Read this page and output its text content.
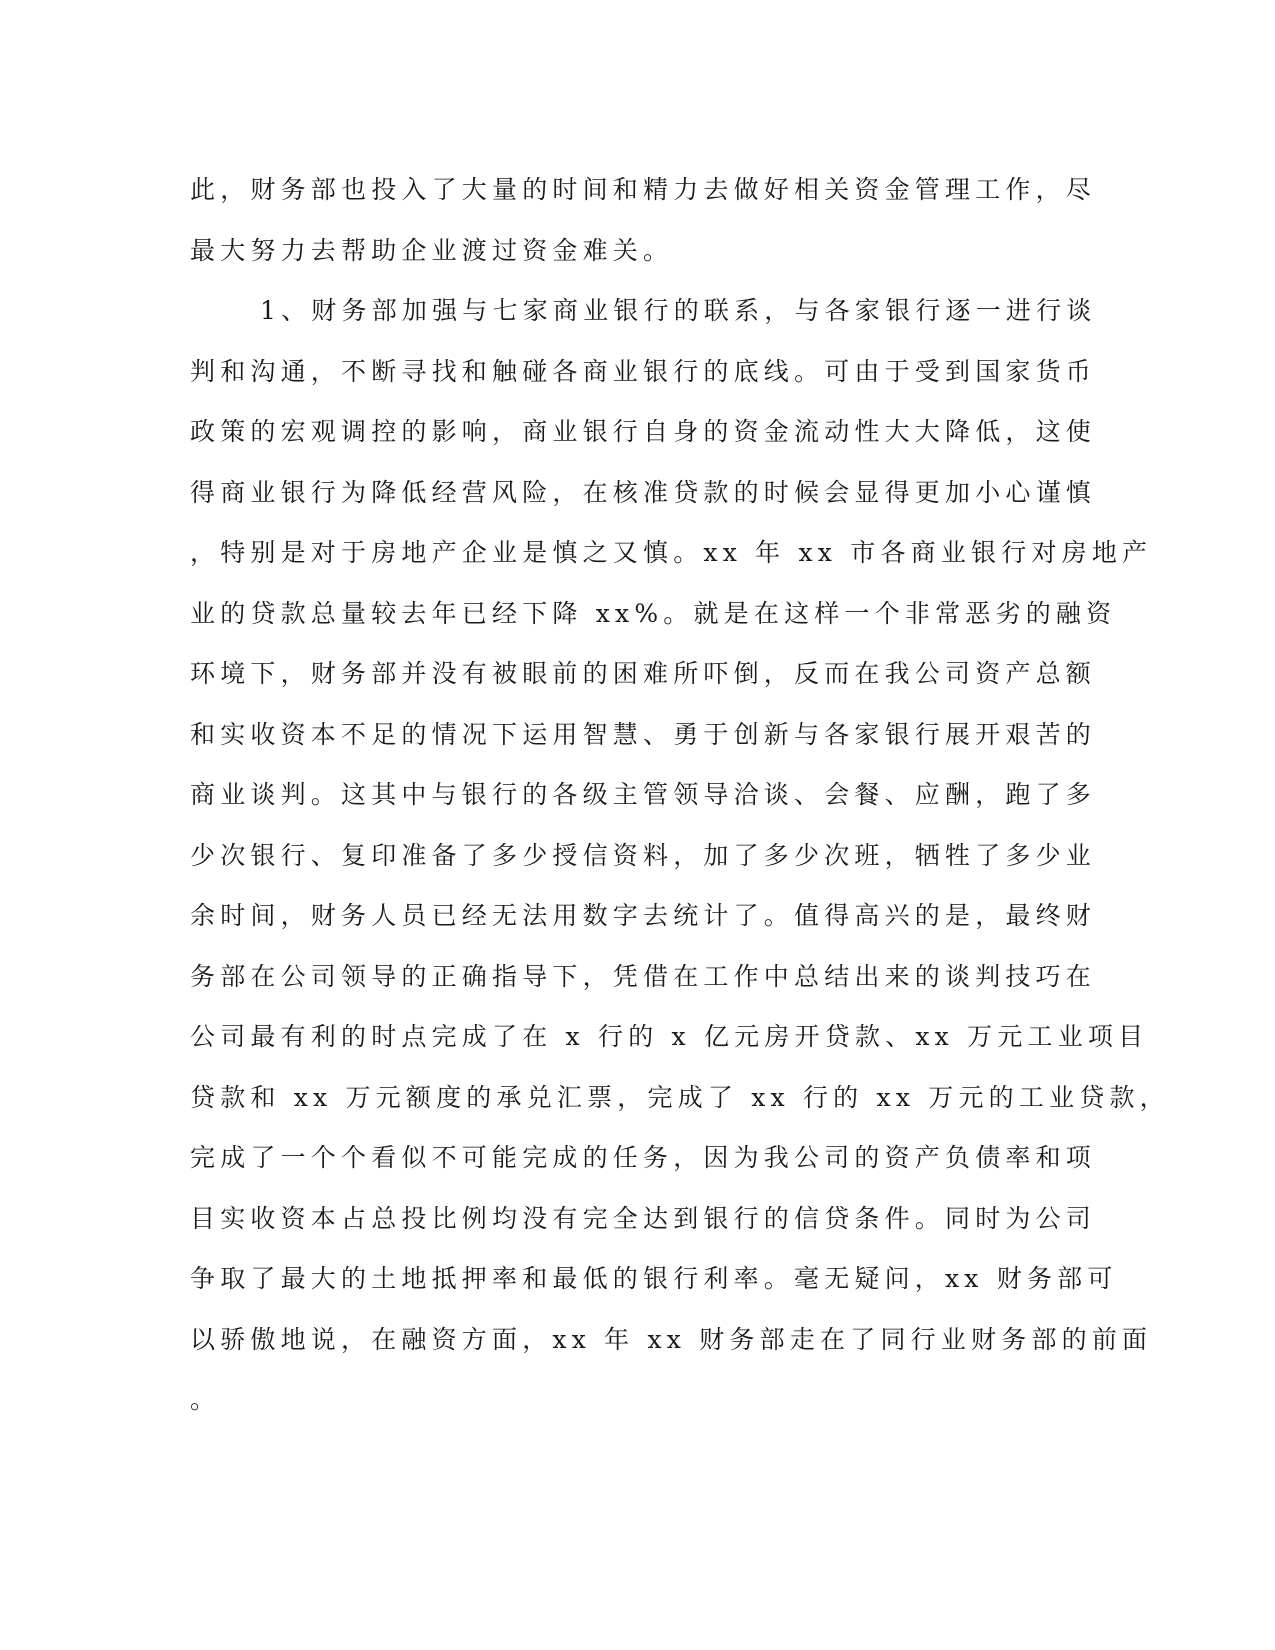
此，财务部也投入了大量的时间和精力去做好相关资金管理工作，尽
最大努力去帮助企业渡过资金难关。
1、财务部加强与七家商业银行的联系，与各家银行逐一进行谈
判和沟通，不断寻找和触碰各商业银行的底线。可由于受到国家货币
政策的宏观调控的影响，商业银行自身的资金流动性大大降低，这使
得商业银行为降低经营风险，在核准贷款的时候会显得更加小心谨慎
，特别是对于房地产企业是慎之又慎。xx 年 xx 市各商业银行对房地产
业的贷款总量较去年已经下降 xx%。就是在这样一个非常恶劣的融资
环境下，财务部并没有被眼前的困难所吓倒，反而在我公司资产总额
和实收资本不足的情况下运用智慧、勇于创新与各家银行展开艰苦的
商业谈判。这其中与银行的各级主管领导洽谈、会餐、应酬，跑了多
少次银行、复印准备了多少授信资料，加了多少次班，牺牲了多少业
余时间，财务人员已经无法用数字去统计了。值得高兴的是，最终财
务部在公司领导的正确指导下，凭借在工作中总结出来的谈判技巧在
公司最有利的时点完成了在 x 行的 x 亿元房开贷款、xx 万元工业项目
贷款和 xx 万元额度的承兑汇票，完成了 xx 行的 xx 万元的工业贷款，
完成了一个个看似不可能完成的任务，因为我公司的资产负债率和项
目实收资本占总投比例均没有完全达到银行的信贷条件。同时为公司
争取了最大的土地抵押率和最低的银行利率。毫无疑问，xx 财务部可
以骄傲地说，在融资方面，xx 年 xx 财务部走在了同行业财务部的前面
。
